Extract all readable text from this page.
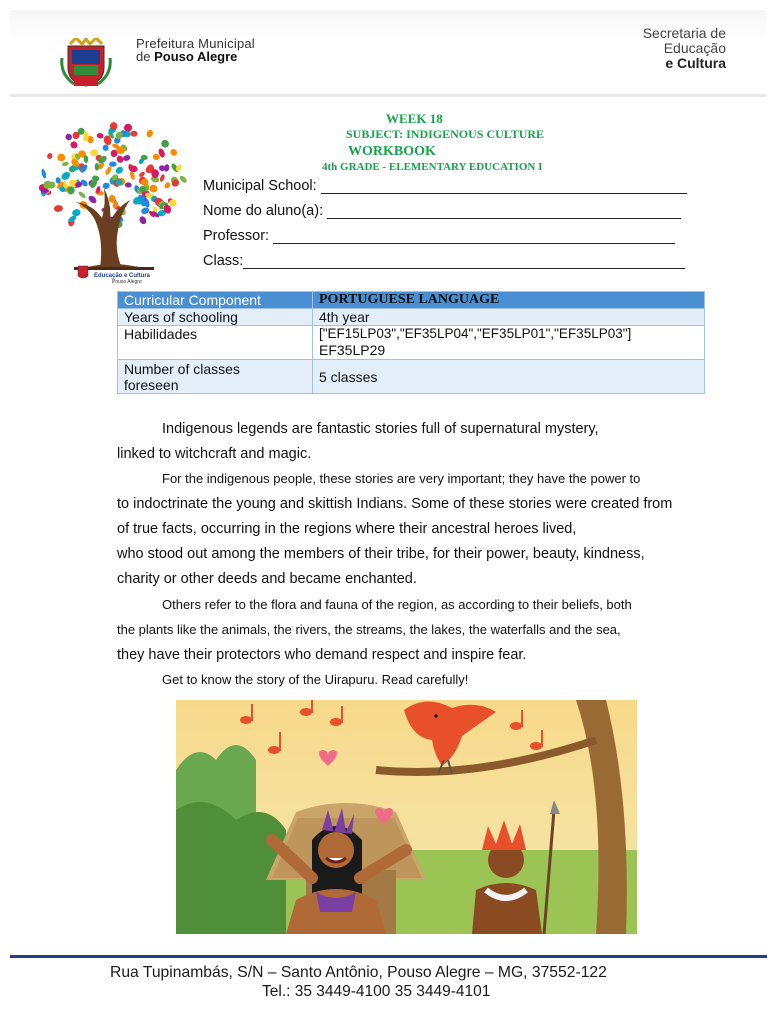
Prefeitura Municipal
de Pouso Alegre
Secretaria de
Educação
e Cultura
Secretaria de
Educação e Cultura
Pouso Alegre
WEEK 18
SUBJECT: INDIGENOUS CULTURE
WORKBOOK
4th GRADE - ELEMENTARY EDUCATION I
Municipal School:
Nome do aluno(a):
Professor:
Class:
Curricular Component	PORTUGUESE LANGUAGE
Years of schooling	4th year
Habilidades	["EF15LP03","EF35LP04","EF35LP01","EF35LP03"]
EF35LP29

Number of classes
foreseen	5 classes
Indigenous legends are fantastic stories full of supernatural mystery,
linked to witchcraft and magic.
For the indigenous people, these stories are very important; they have the power to
to indoctrinate the young and skittish Indians. Some of these stories were created from
of true facts, occurring in the regions where their ancestral heroes lived,
who stood out among the members of their tribe, for their power, beauty, kindness,
charity or other deeds and became enchanted.
Others refer to the flora and fauna of the region, as according to their beliefs, both
the plants like the animals, the rivers, the streams, the lakes, the waterfalls and the sea,
they have their protectors who demand respect and inspire fear.
Get to know the story of the Uirapuru. Read carefully!
Rua Tupinambás, S/N – Santo Antônio, Pouso Alegre – MG, 37552-122
Tel.: 35 3449-4100 35 3449-4101
